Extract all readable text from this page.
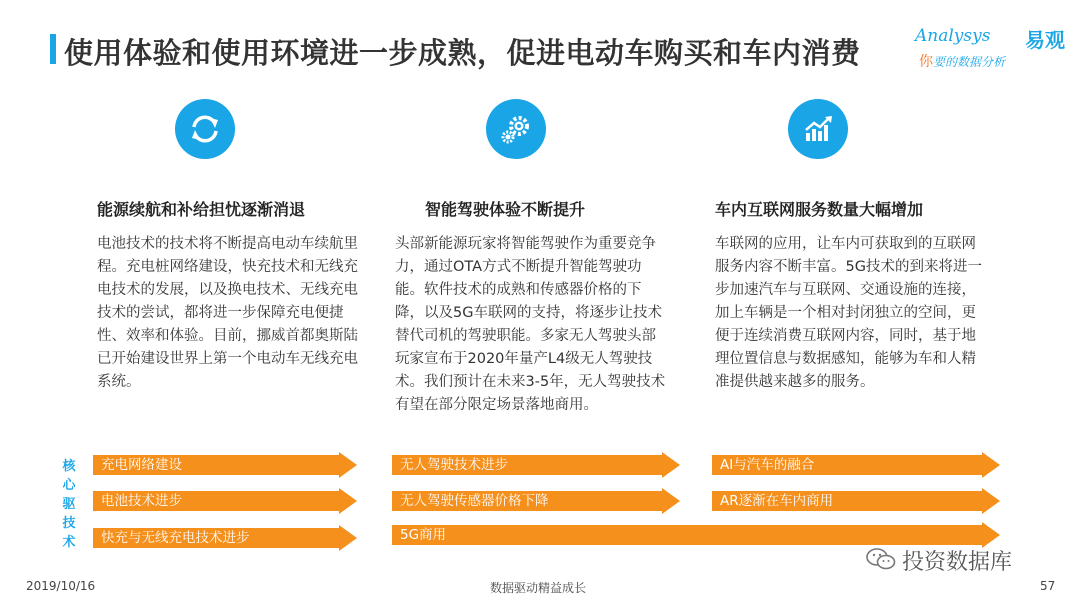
使用体验和使用环境进一步成熟，促进电动车购买和车内消费	Analysys 易观
你要的数据分析
能源续航和补给担忧逐渐消退	智能驾驶体验不断提升	车内互联网服务数量大幅增加
电池技术的技术将不断提高电动车续航里程。充电桩网络建设，快充技术和无线充电技术的发展，以及换电技术、无线充电技术的尝试，都将进一步保障充电便捷性、效率和体验。目前，挪威首都奥斯陆已开始建设世界上第一个电动车无线充电系统。
头部新能源玩家将智能驾驶作为重要竞争力，通过OTA方式不断提升智能驾驶功能。软件技术的成熟和传感器价格的下降，以及5G车联网的支持，将逐步让技术替代司机的驾驶职能。多家无人驾驶头部玩家宣布于2020年量产L4级无人驾驶技术。我们预计在未来3-5年，无人驾驶技术有望在部分限定场景落地商用。
车联网的应用，让车内可获取到的互联网服务内容不断丰富。5G技术的到来将进一步加速汽车与互联网、交通设施的连接，加上车辆是一个相对封闭独立的空间，更便于连续消费互联网内容，同时，基于地理位置信息与数据感知，能够为车和人精准提供越来越多的服务。
核心驱技术
充电网络建设
电池技术进步
快充与无线充电技术进步
无人驾驶技术进步
无人驾驶传感器价格下降
AI与汽车的融合
AR逐渐在车内商用
5G商用
2019/10/16	数据驱动精益成长	57
投资数据库
